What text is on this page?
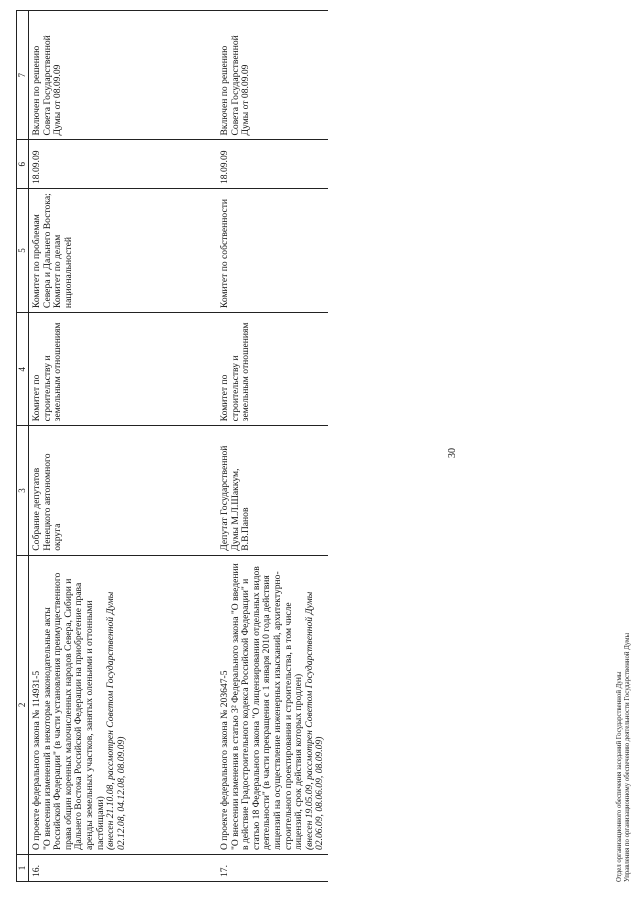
1	2	3	4	5	6	7
16.	О проекте федерального закона № 114931-5 "О внесении изменений в некоторые законодательные акты Российской Федерации" (в части установления преимущественного права общин коренных малочисленных народов Севера, Сибири и Дальнего Востока Российской Федерации на приобретение права аренды земельных участков, занятых оленьими и оттонными пастбищами) (внесен 21.10.08, рассмотрен Советом Государственной Думы 02.12.08, 04.12.08, 08.09.09)	Собрание депутатов Ненецкого автономного округа	Комитет по строительству и земельным отношениям	Комитет по проблемам Севера и Дальнего Востока; Комитет по делам национальностей	18.09.09	Включен по решению Совета Государственной Думы от 08.09.09
17.	О проекте федерального закона № 203647-5 "О внесении изменения в статью 3² Федерального закона "О введении в действие Градостроительного кодекса Российской Федерации" и статью 18 Федерального закона "О лицензировании отдельных видов деятельности" (в части прекращения с 1 января 2010 года действия лицензий на осуществление инженерных изысканий, архитектурно-строительного проектирования и строительства, в том числе лицензий, срок действия которых продлен) (внесен 19.05.09, рассмотрен Советом Государственной Думы 02.06.09, 08.06.09, 08.09.09)	Депутат Государственной Думы М.Л.Шаккум, В.В.Панов	Комитет по строительству и земельным отношениям	Комитет по собственности	18.09.09	Включен по решению Совета Государственной Думы от 08.09.09
30
Отдел организационного обеспечения заседаний Государственной Думы Управления по организационному обеспечению деятельности Государственной Думы
